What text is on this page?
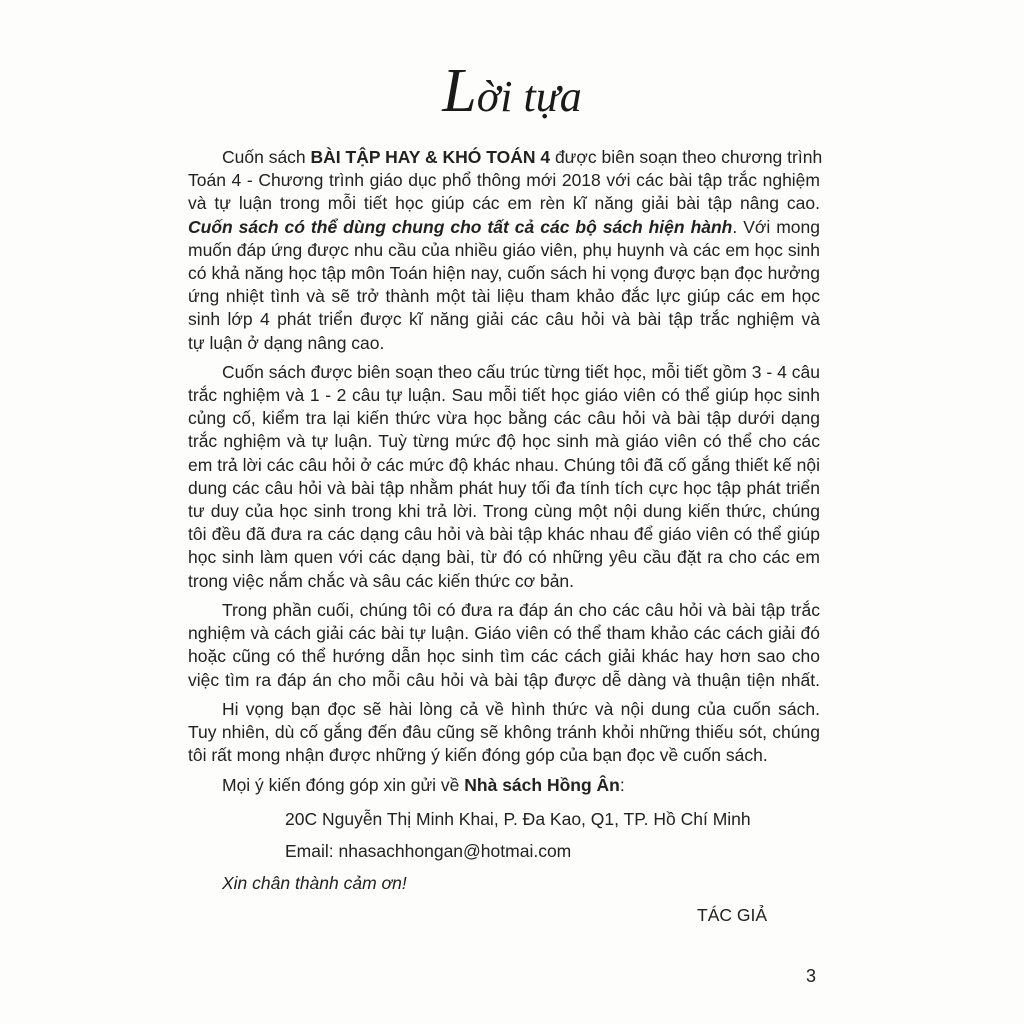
Lời tựa
Cuốn sách BÀI TẬP HAY & KHÓ TOÁN 4 được biên soạn theo chương trình
Toán 4 - Chương trình giáo dục phổ thông mới 2018 với các bài tập trắc nghiệm
và tự luận trong mỗi tiết học giúp các em rèn kĩ năng giải bài tập nâng cao.
Cuốn sách có thể dùng chung cho tất cả các bộ sách hiện hành. Với mong
muốn đáp ứng được nhu cầu của nhiều giáo viên, phụ huynh và các em học sinh
có khả năng học tập môn Toán hiện nay, cuốn sách hi vọng được bạn đọc hưởng
ứng nhiệt tình và sẽ trở thành một tài liệu tham khảo đắc lực giúp các em học
sinh lớp 4 phát triển được kĩ năng giải các câu hỏi và bài tập trắc nghiệm và
tự luận ở dạng nâng cao.
Cuốn sách được biên soạn theo cấu trúc từng tiết học, mỗi tiết gồm 3 - 4 câu
trắc nghiệm và 1 - 2 câu tự luận. Sau mỗi tiết học giáo viên có thể giúp học sinh
củng cố, kiểm tra lại kiến thức vừa học bằng các câu hỏi và bài tập dưới dạng
trắc nghiệm và tự luận. Tuỳ từng mức độ học sinh mà giáo viên có thể cho các
em trả lời các câu hỏi ở các mức độ khác nhau. Chúng tôi đã cố gắng thiết kế nội
dung các câu hỏi và bài tập nhằm phát huy tối đa tính tích cực học tập phát triển
tư duy của học sinh trong khi trả lời. Trong cùng một nội dung kiến thức, chúng
tôi đều đã đưa ra các dạng câu hỏi và bài tập khác nhau để giáo viên có thể giúp
học sinh làm quen với các dạng bài, từ đó có những yêu cầu đặt ra cho các em
trong việc nắm chắc và sâu các kiến thức cơ bản.
Trong phần cuối, chúng tôi có đưa ra đáp án cho các câu hỏi và bài tập trắc
nghiệm và cách giải các bài tự luận. Giáo viên có thể tham khảo các cách giải đó
hoặc cũng có thể hướng dẫn học sinh tìm các cách giải khác hay hơn sao cho
việc tìm ra đáp án cho mỗi câu hỏi và bài tập được dễ dàng và thuận tiện nhất.
Hi vọng bạn đọc sẽ hài lòng cả về hình thức và nội dung của cuốn sách.
Tuy nhiên, dù cố gắng đến đâu cũng sẽ không tránh khỏi những thiếu sót, chúng
tôi rất mong nhận được những ý kiến đóng góp của bạn đọc về cuốn sách.
Mọi ý kiến đóng góp xin gửi về Nhà sách Hồng Ân:
20C Nguyễn Thị Minh Khai, P. Đa Kao, Q1, TP. Hồ Chí Minh
Email: nhasachhongan@hotmai.com
Xin chân thành cảm ơn!
TÁC GIẢ
3
